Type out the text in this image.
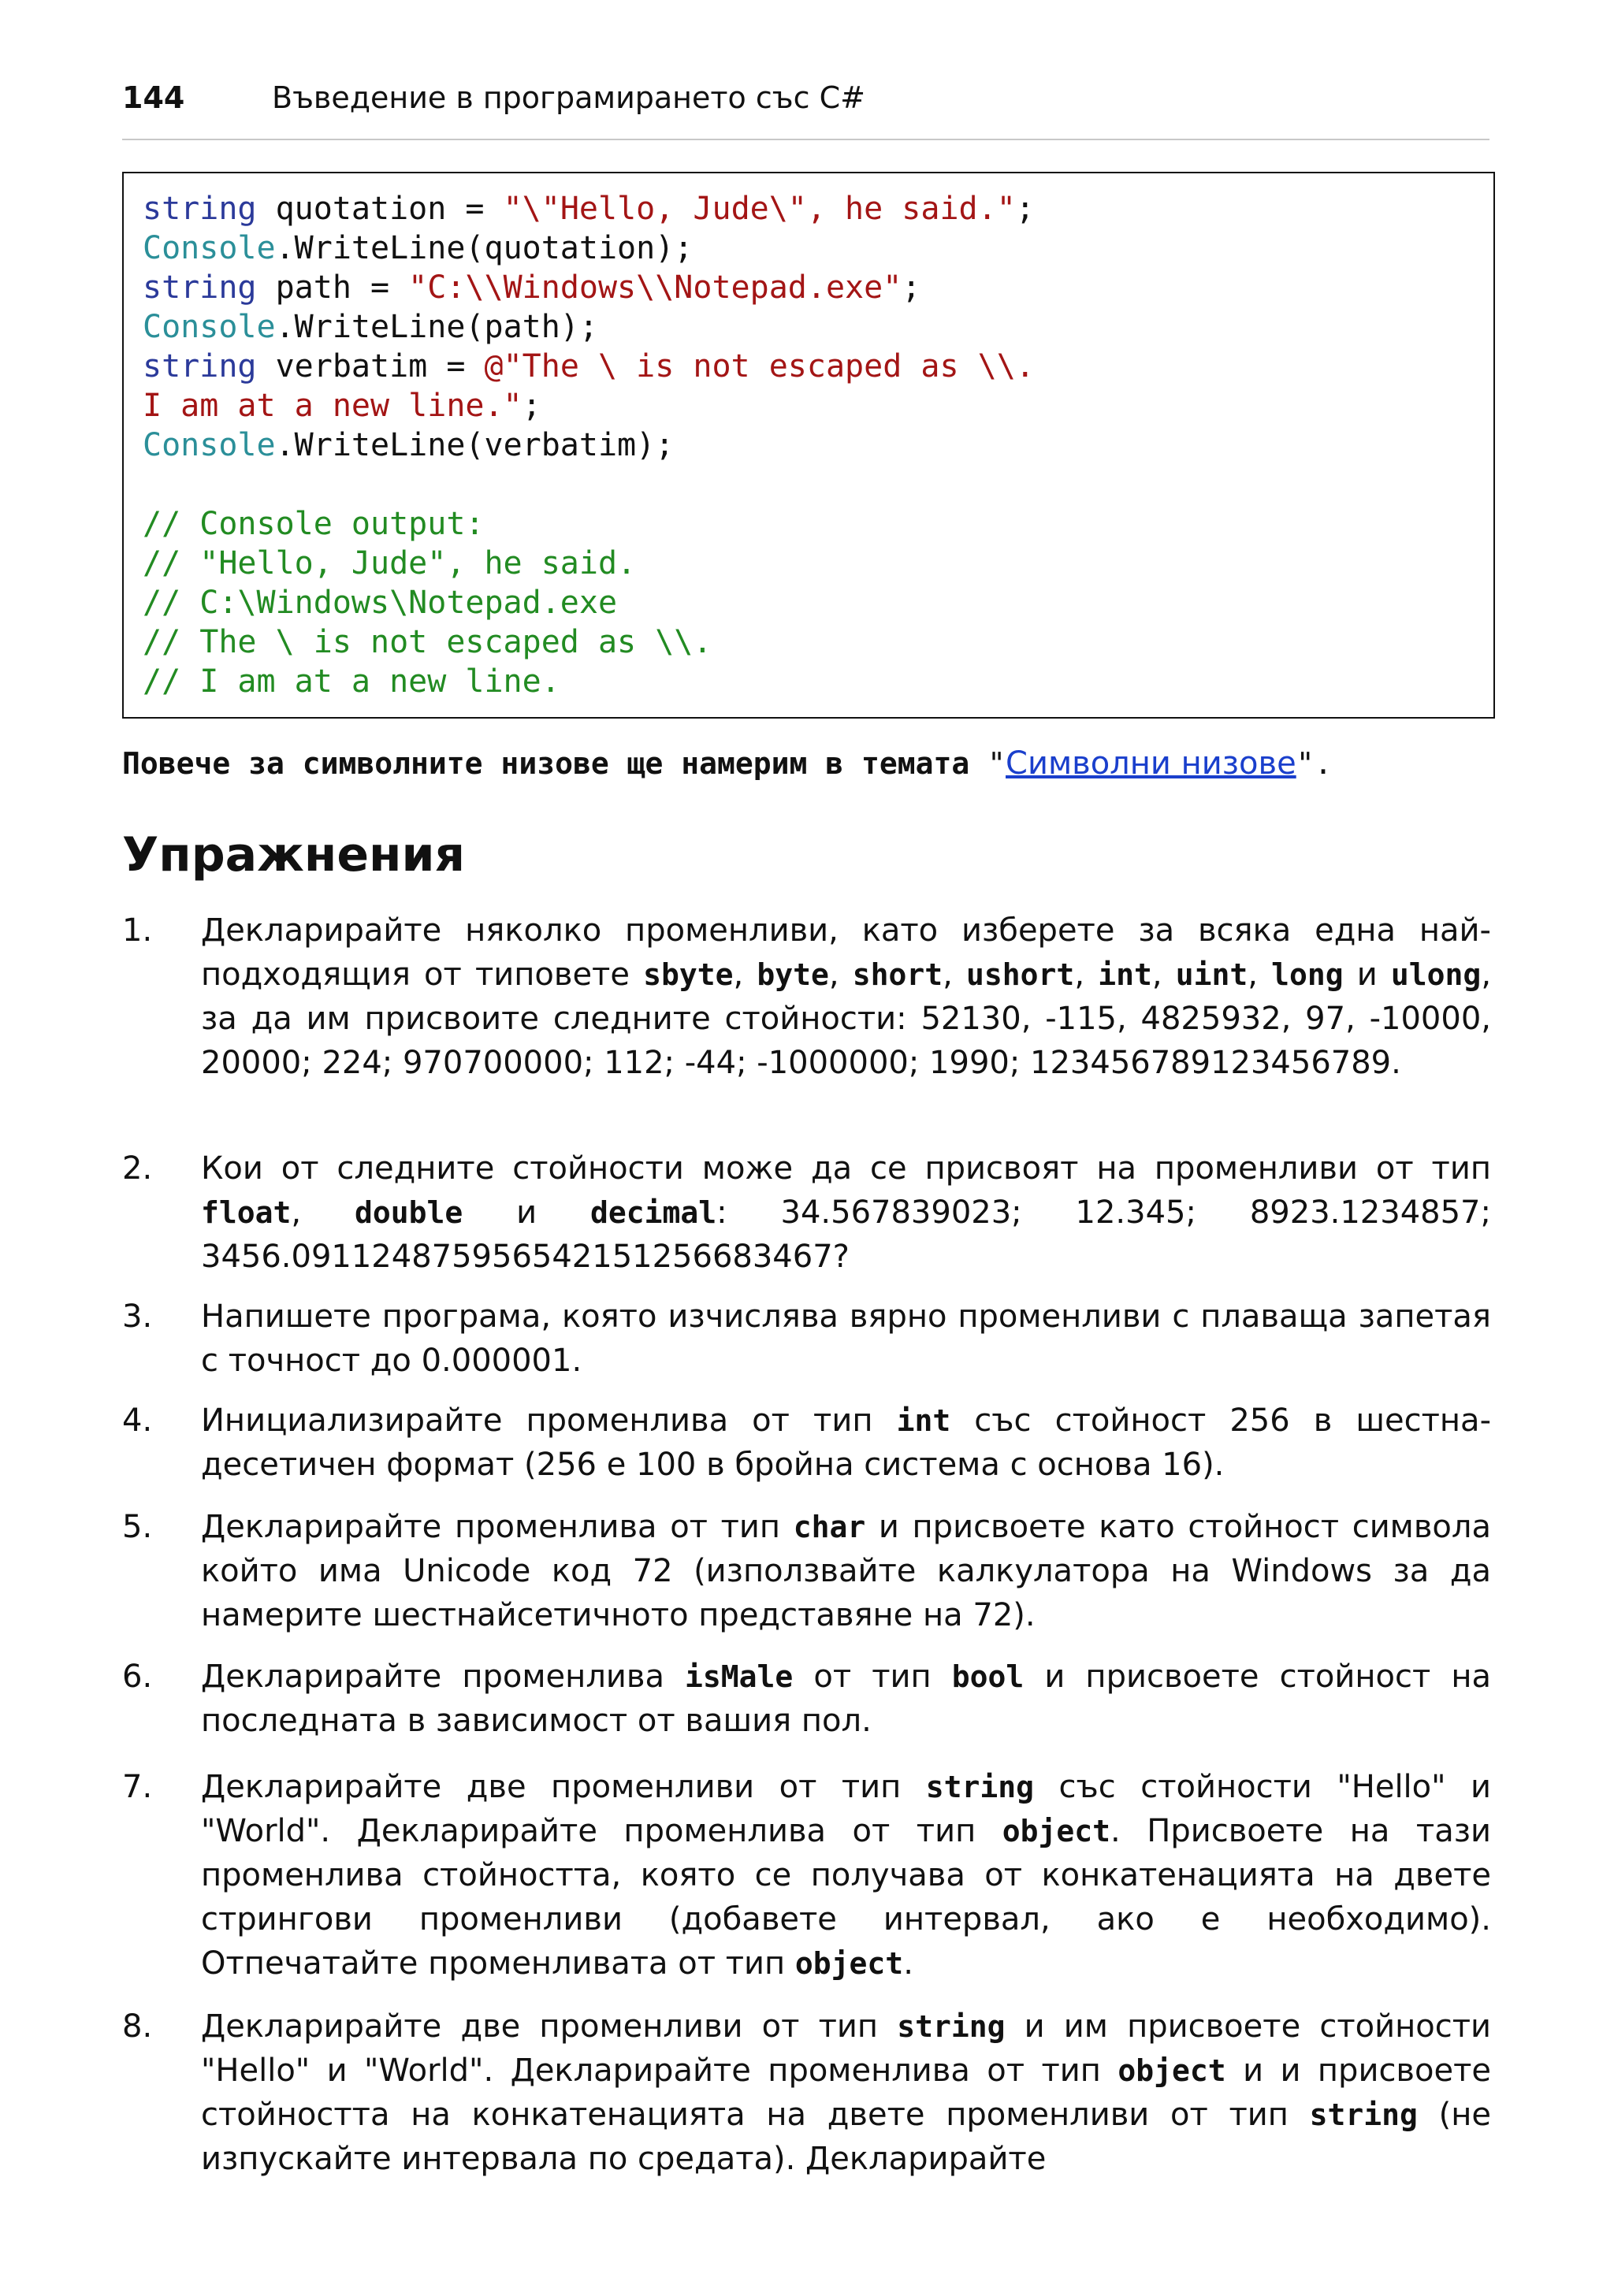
144	Въведение в програмирането със C#
string quotation = "\"Hello, Jude\", he said.";
Console.WriteLine(quotation);
string path = "C:\\Windows\\Notepad.exe";
Console.WriteLine(path);
string verbatim = @"The \ is not escaped as \\.
I am at a new line.";
Console.WriteLine(verbatim);
// Console output:
// "Hello, Jude", he said.
// C:\Windows\Notepad.exe
// The \ is not escaped as \\.
// I am at a new line.
Повече за символните низове ще намерим в темата "Символни низове".
Упражнения
1. Декларирайте няколко променливи, като изберете за всяка една най-подходящия от типовете sbyte, byte, short, ushort, int, uint, long и ulong, за да им присвоите следните стойности: 52130, -115, 4825932, 97, -10000, 20000; 224; 970700000; 112; -44; -1000000; 1990; 123456789123456789.
2. Кои от следните стойности може да се присвоят на променливи от тип float, double и decimal: 34.567839023; 12.345; 8923.1234857; 3456.091124875956542151256683467?
3. Напишете програма, която изчислява вярно променливи с плаваща запетая с точност до 0.000001.
4. Инициализирайте променлива от тип int със стойност 256 в шестна-десетичен формат (256 е 100 в бройна система с основа 16).
5. Декларирайте променлива от тип char и присвоете като стойност символа който има Unicode код 72 (използвайте калкулатора на Windows за да намерите шестнайсетичното представяне на 72).
6. Декларирайте променлива isMale от тип bool и присвоете стойност на последната в зависимост от вашия пол.
7. Декларирайте две променливи от тип string със стойности "Hello" и "World". Декларирайте променлива от тип object. Присвоете на тази променлива стойността, която се получава от конкатенацията на двете стрингови променливи (добавете интервал, ако е необходимо). Отпечатайте променливата от тип object.
8. Декларирайте две променливи от тип string и им присвоете стойности "Hello" и "World". Декларирайте променлива от тип object и и присвоете стойността на конкатенацията на двете променливи от тип string (не изпускайте интервала по средата). Декларирайте
